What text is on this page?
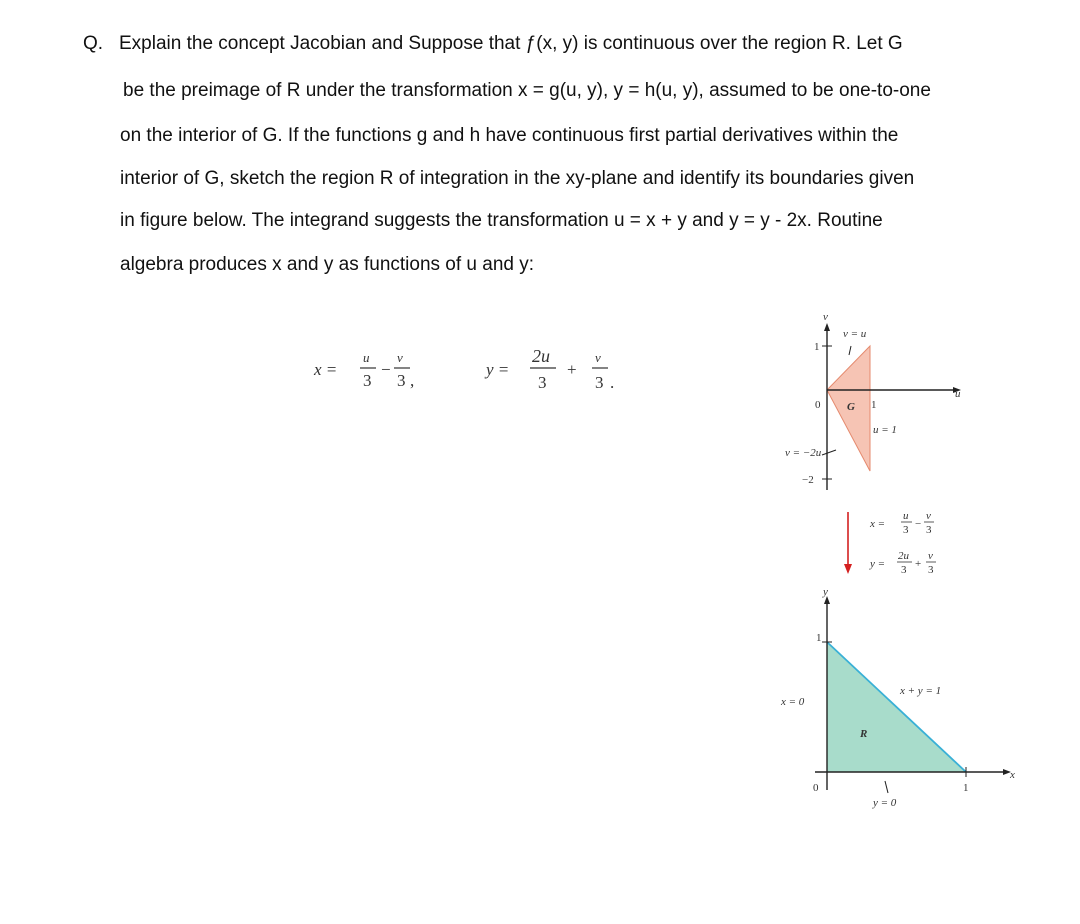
Q. Explain the concept Jacobian and Suppose that ƒ(x, y) is continuous over the region R. Let G
be the preimage of R under the transformation x = g(u, y), y = h(u, y), assumed to be one-to-one
on the interior of G. If the functions g and h have continuous first partial derivatives within the
interior of G, sketch the region R of integration in the xy-plane and identify its boundaries given
in figure below. The integrand suggests the transformation u = x + y and y = y - 2x. Routine
algebra produces x and y as functions of u and y:
x =
u
3
−
v
3 ,
y =
2u
3
+
v
3 .
v
u
v = u
1
0 G 1
u = 1
v = −2u
−2
x =
u
3 −
v
3
y =
2u
3 +
v
3
y
x
1
x = 0
x + y = 1
R
0	1
y = 0
